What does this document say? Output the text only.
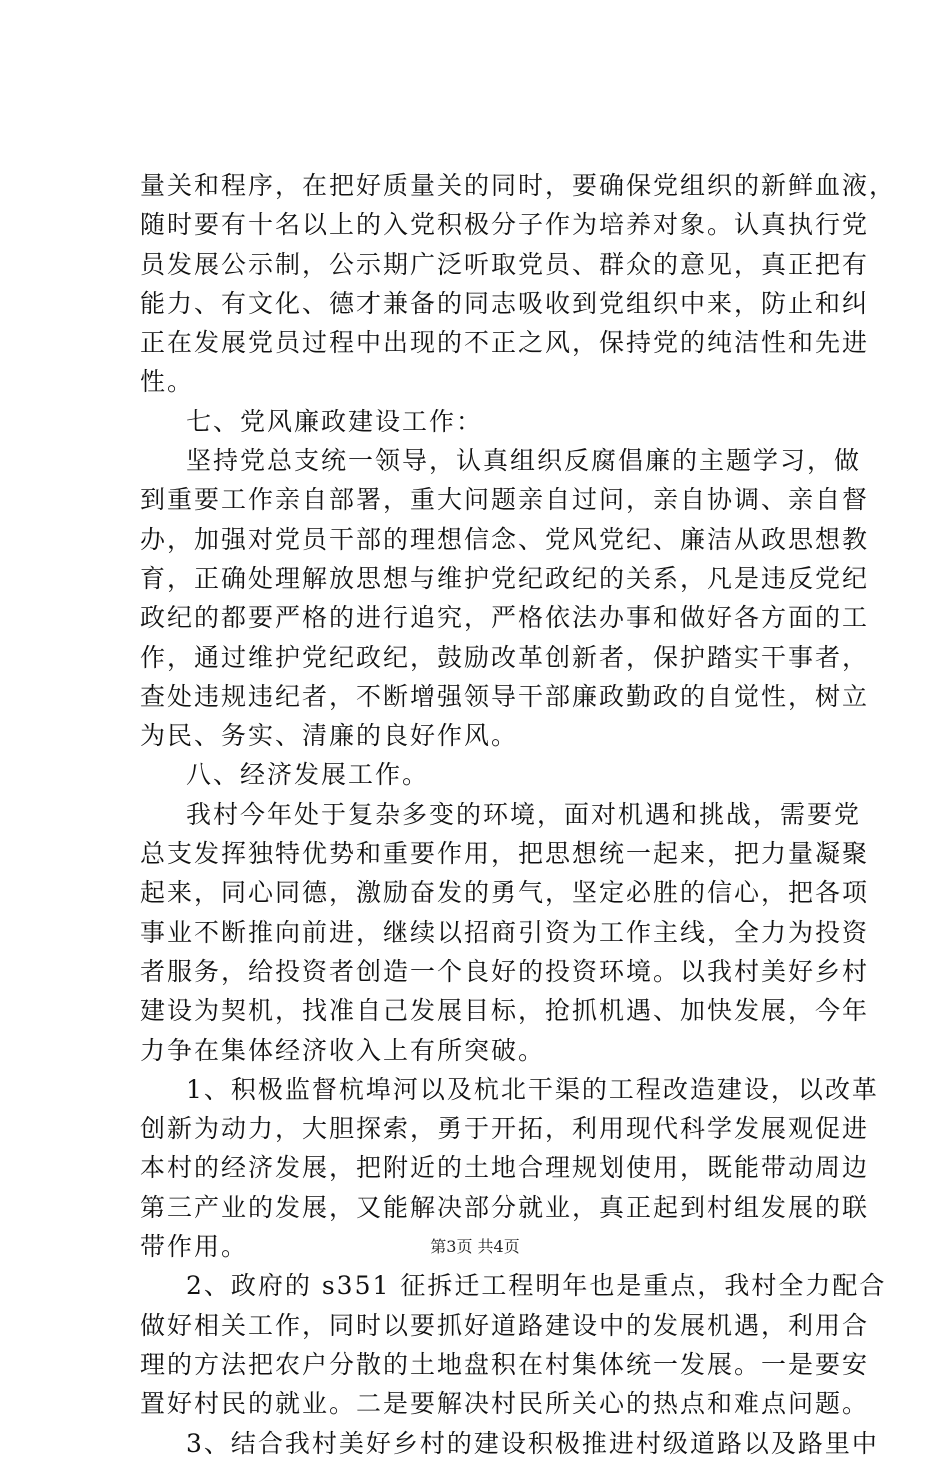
量关和程序，在把好质量关的同时，要确保党组织的新鲜血液，
随时要有十名以上的入党积极分子作为培养对象。认真执行党
员发展公示制，公示期广泛听取党员、群众的意见，真正把有
能力、有文化、德才兼备的同志吸收到党组织中来，防止和纠
正在发展党员过程中出现的不正之风，保持党的纯洁性和先进
性。
七、党风廉政建设工作：
坚持党总支统一领导，认真组织反腐倡廉的主题学习，做
到重要工作亲自部署，重大问题亲自过问，亲自协调、亲自督
办，加强对党员干部的理想信念、党风党纪、廉洁从政思想教
育，正确处理解放思想与维护党纪政纪的关系，凡是违反党纪
政纪的都要严格的进行追究，严格依法办事和做好各方面的工
作，通过维护党纪政纪，鼓励改革创新者，保护踏实干事者，
查处违规违纪者，不断增强领导干部廉政勤政的自觉性，树立
为民、务实、清廉的良好作风。
八、经济发展工作。
我村今年处于复杂多变的环境，面对机遇和挑战，需要党
总支发挥独特优势和重要作用，把思想统一起来，把力量凝聚
起来，同心同德，激励奋发的勇气，坚定必胜的信心，把各项
事业不断推向前进，继续以招商引资为工作主线，全力为投资
者服务，给投资者创造一个良好的投资环境。以我村美好乡村
建设为契机，找准自己发展目标，抢抓机遇、加快发展，今年
力争在集体经济收入上有所突破。
1、积极监督杭埠河以及杭北干渠的工程改造建设，以改革
创新为动力，大胆探索，勇于开拓，利用现代科学发展观促进
本村的经济发展，把附近的土地合理规划使用，既能带动周边
第三产业的发展，又能解决部分就业，真正起到村组发展的联
带作用。
2、政府的 s351 征拆迁工程明年也是重点，我村全力配合
做好相关工作，同时以要抓好道路建设中的发展机遇，利用合
理的方法把农户分散的土地盘积在村集体统一发展。一是要安
置好村民的就业。二是要解决村民所关心的热点和难点问题。
3、结合我村美好乡村的建设积极推进村级道路以及路里中
第3页 共4页
